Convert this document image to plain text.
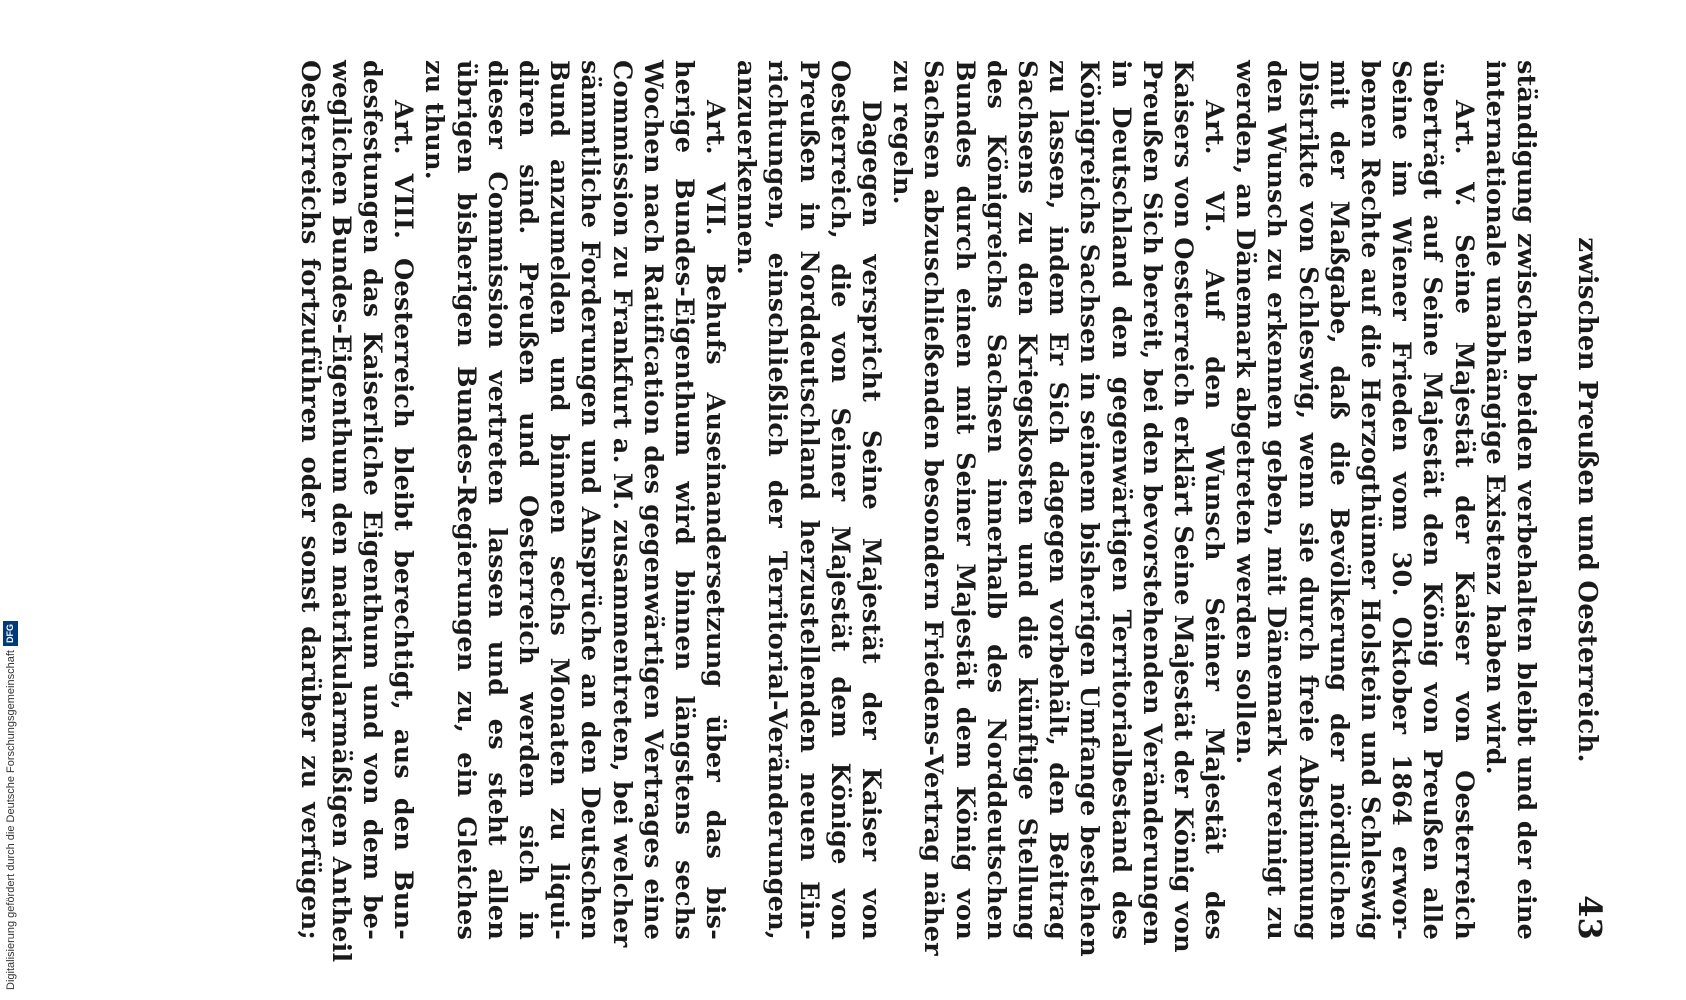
zwischen Preußen und Oesterreich.
43
ständigung zwischen beiden verbehalten bleibt und der eine
internationale unabhängige Existenz haben wird.
Art. V. Seine Majestät der Kaiser von Oesterreich
überträgt auf Seine Majestät den König von Preußen alle
Seine im Wiener Frieden vom 30. Oktober 1864 erwor-
benen Rechte auf die Herzogthümer Holstein und Schleswig
mit der Maßgabe, daß die Bevölkerung der nördlichen
Distrikte von Schleswig, wenn sie durch freie Abstimmung
den Wunsch zu erkennen geben, mit Dänemark vereinigt zu
werden, an Dänemark abgetreten werden sollen.
Art. VI. Auf den Wunsch Seiner Majestät des
Kaisers von Oesterreich erklärt Seine Majestät der König von
Preußen Sich bereit, bei den bevorstehenden Veränderungen
in Deutschland den gegenwärtigen Territorialbestand des
Königreichs Sachsen in seinem bisherigen Umfange bestehen
zu lassen, indem Er Sich dagegen vorbehält, den Beitrag
Sachsens zu den Kriegskosten und die künftige Stellung
des Königreichs Sachsen innerhalb des Norddeutschen
Bundes durch einen mit Seiner Majestät dem König von
Sachsen abzuschließenden besondern Friedens-Vertrag näher
zu regeln.
Dagegen verspricht Seine Majestät der Kaiser von
Oesterreich, die von Seiner Majestät dem Könige von
Preußen in Norddeutschland herzustellenden neuen Ein-
richtungen, einschließlich der Territorial-Veränderungen,
anzuerkennen.
Art. VII. Behufs Auseinandersetzung über das bis-
herige Bundes-Eigenthum wird binnen längstens sechs
Wochen nach Ratification des gegenwärtigen Vertrages eine
Commission zu Frankfurt a. M. zusammentreten, bei welcher
sämmtliche Forderungen und Ansprüche an den Deutschen
Bund anzumelden und binnen sechs Monaten zu liqui-
diren sind. Preußen und Oesterreich werden sich in
dieser Commission vertreten lassen und es steht allen
übrigen bisherigen Bundes-Regierungen zu, ein Gleiches
zu thun.
Art. VIII. Oesterreich bleibt berechtigt, aus den Bun-
desfestungen das Kaiserliche Eigenthum und von dem be-
weglichen Bundes-Eigenthum den matrikularmäßigen Antheil
Oesterreichs fortzuführen oder sonst darüber zu verfügen;
Digitalisierung gefördert durch die Deutsche Forschungsgemeinschaft
DFG
